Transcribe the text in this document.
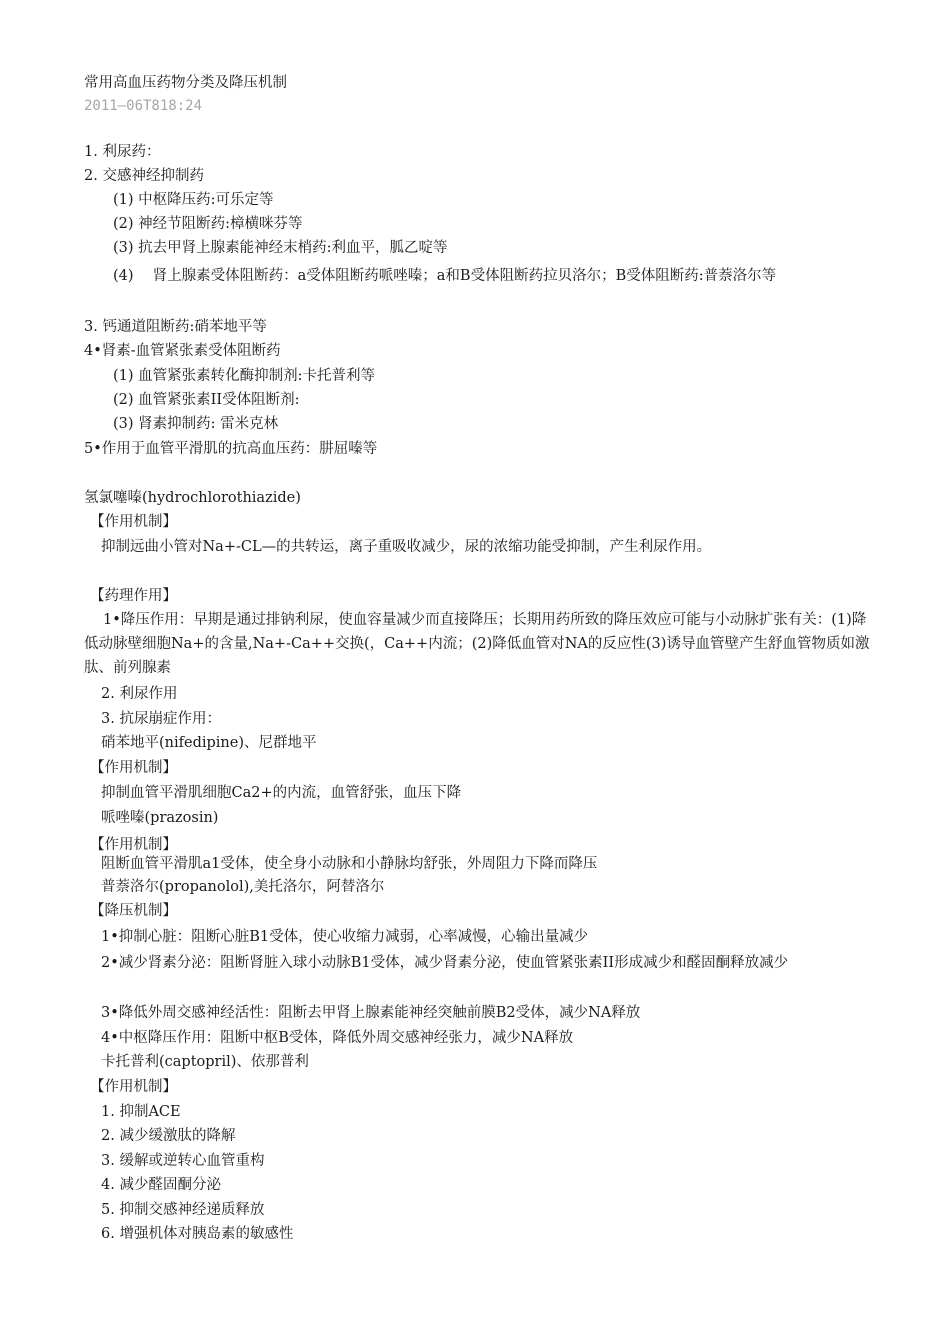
常用高血压药物分类及降压机制
2011—06T818:24
1. 利尿药：
2. 交感神经抑制药
(1) 中枢降压药:可乐定等
(2) 神经节阻断药:樟横咪芬等
(3) 抗去甲肾上腺素能神经末梢药:利血平，胍乙啶等
(4)　 肾上腺素受体阻断药：a受体阻断药哌唑嗪；a和B受体阻断药拉贝洛尔；B受体阻断药:普萘洛尔等
3. 钙通道阻断药:硝苯地平等
4•肾素-血管紧张素受体阻断药
(1) 血管紧张素转化酶抑制剂:卡托普利等
(2) 血管紧张素II受体阻断剂:
(3) 肾素抑制药: 雷米克林
5•作用于血管平滑肌的抗高血压药：肼屈嗪等
氢氯噻嗪(hydrochlorothiazide)
【作用机制】
抑制远曲小管对Na+-CL—的共转运，离子重吸收减少，尿的浓缩功能受抑制，产生利尿作用。
【药理作用】
1•降压作用：早期是通过排钠利尿，使血容量减少而直接降压；长期用药所致的降压效应可能与小动脉扩张有关：(1)降低动脉壁细胞Na+的含量,Na+-Ca++交换(，Ca++内流；(2)降低血管对NA的反应性(3)诱导血管壁产生舒血管物质如激肽、前列腺素
2. 利尿作用
3. 抗尿崩症作用：
硝苯地平(nifedipine)、尼群地平
【作用机制】
抑制血管平滑肌细胞Ca2+的内流，血管舒张，血压下降
哌唑嗪(prazosin)
【作用机制】
阻断血管平滑肌a1受体，使全身小动脉和小静脉均舒张，外周阻力下降而降压
普萘洛尔(propanolol),美托洛尔，阿替洛尔
【降压机制】
1•抑制心脏：阻断心脏B1受体，使心收缩力减弱，心率减慢，心输出量减少
2•减少肾素分泌：阻断肾脏入球小动脉B1受体，减少肾素分泌，使血管紧张素II形成减少和醛固酮释放减少
3•降低外周交感神经活性：阻断去甲肾上腺素能神经突触前膜B2受体，减少NA释放
4•中枢降压作用：阻断中枢B受体，降低外周交感神经张力，减少NA释放
卡托普利(captopril)、依那普利
【作用机制】
1. 抑制ACE
2. 减少缓激肽的降解
3. 缓解或逆转心血管重构
4. 减少醛固酮分泌
5. 抑制交感神经递质释放
6. 增强机体对胰岛素的敏感性
